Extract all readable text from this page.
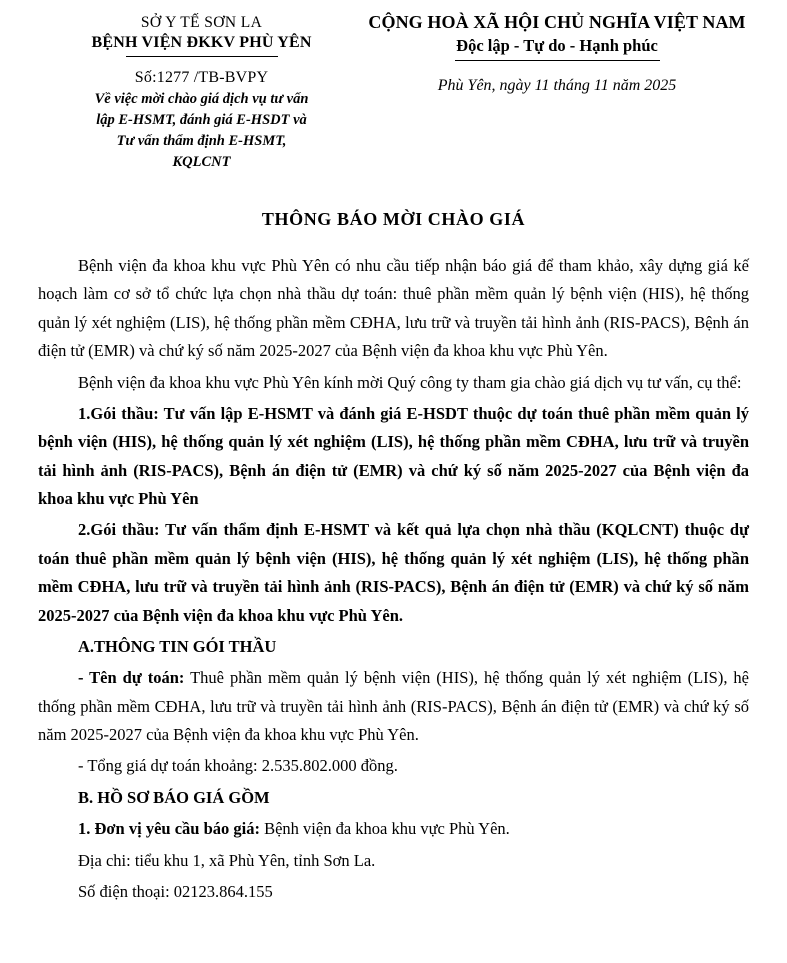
SỞ Y TẾ SƠN LA
BỆNH VIỆN ĐKKV PHÙ YÊN
CỘNG HOÀ XÃ HỘI CHỦ NGHĨA VIỆT NAM
Độc lập - Tự do - Hạnh phúc
Số:1277 /TB-BVPY
Về việc mời chào giá dịch vụ tư vấn
lập E-HSMT, đánh giá E-HSDT và
Tư vấn thẩm định E-HSMT,
KQLCNT
Phù Yên, ngày 11 tháng 11 năm 2025
THÔNG BÁO MỜI CHÀO GIÁ

Bệnh viện đa khoa khu vực Phù Yên có nhu cầu tiếp nhận báo giá để tham khảo, xây dựng giá kế hoạch làm cơ sở tổ chức lựa chọn nhà thầu dự toán: thuê phần mềm quản lý bệnh viện (HIS), hệ thống quản lý xét nghiệm (LIS), hệ thống phần mềm CĐHA, lưu trữ và truyền tải hình ảnh (RIS-PACS), Bệnh án điện tử (EMR) và chứ ký số năm 2025-2027 của Bệnh viện đa khoa khu vực Phù Yên.

Bệnh viện đa khoa khu vực Phù Yên kính mời Quý công ty tham gia chào giá dịch vụ tư vấn, cụ thể:

1.Gói thầu: Tư vấn lập E-HSMT và đánh giá E-HSDT thuộc dự toán thuê phần mềm quản lý bệnh viện (HIS), hệ thống quản lý xét nghiệm (LIS), hệ thống phần mềm CĐHA, lưu trữ và truyền tải hình ảnh (RIS-PACS), Bệnh án điện tử (EMR) và chứ ký số năm 2025-2027 của Bệnh viện đa khoa khu vực Phù Yên

2.Gói thầu: Tư vấn thẩm định E-HSMT và kết quả lựa chọn nhà thầu (KQLCNT) thuộc dự toán thuê phần mềm quản lý bệnh viện (HIS), hệ thống quản lý xét nghiệm (LIS), hệ thống phần mềm CĐHA, lưu trữ và truyền tải hình ảnh (RIS-PACS), Bệnh án điện tử (EMR) và chứ ký số năm 2025-2027 của Bệnh viện đa khoa khu vực Phù Yên.

A.THÔNG TIN GÓI THẦU

- Tên dự toán: Thuê phần mềm quản lý bệnh viện (HIS), hệ thống quản lý xét nghiệm (LIS), hệ thống phần mềm CĐHA, lưu trữ và truyền tải hình ảnh (RIS-PACS), Bệnh án điện tử (EMR) và chứ ký số năm 2025-2027 của Bệnh viện đa khoa khu vực Phù Yên.

- Tổng giá dự toán khoảng: 2.535.802.000 đồng.

B. HỒ SƠ BÁO GIÁ GỒM

1. Đơn vị yêu cầu báo giá: Bệnh viện đa khoa khu vực Phù Yên.

Địa chi: tiểu khu 1, xã Phù Yên, tỉnh Sơn La.

Số điện thoại: 02123.864.155
